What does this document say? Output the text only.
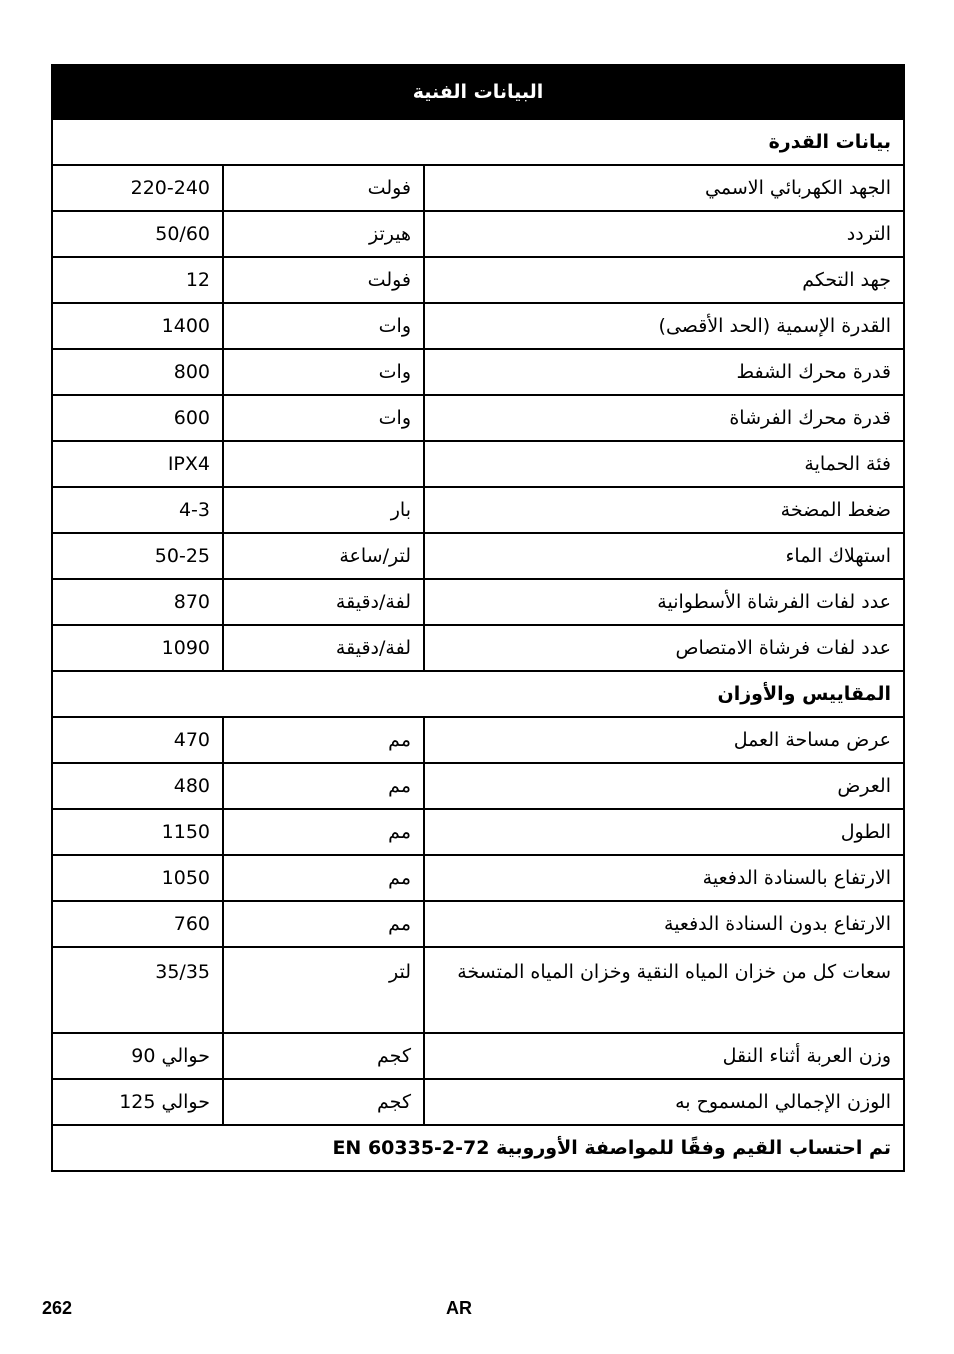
البيانات الفنية		
بيانات القدرة		
220-240	فولت	الجهد الكهربائي الاسمي
50/60	هيرتز	التردد
12	فولت	جهد التحكم
1400	وات	القدرة الإسمية (الحد الأقصى)
800	وات	قدرة محرك الشفط
600	وات	قدرة محرك الفرشاة
IPX4		فئة الحماية
4-3	بار	ضغط المضخة
50-25	لتر/ساعة	استهلاك الماء
870	لفة/دقيقة	عدد لفات الفرشاة الأسطوانية
1090	لفة/دقيقة	عدد لفات فرشاة الامتصاص
المقاييس والأوزان		
470	مم	عرض مساحة العمل
480	مم	العرض
1150	مم	الطول
1050	مم	الارتفاع بالسنادة الدفعية
760	مم	الارتفاع بدون السنادة الدفعية
35/35	لتر	سعات كل من خزان المياه النقية وخزان المياه المتسخة
حوالي 90	كجم	وزن العربة أثناء النقل
حوالي 125	كجم	الوزن الإجمالي المسموح به
تم احتساب القيم وفقًا للمواصفة الأوروبية EN 60335-2-72		
262	AR
